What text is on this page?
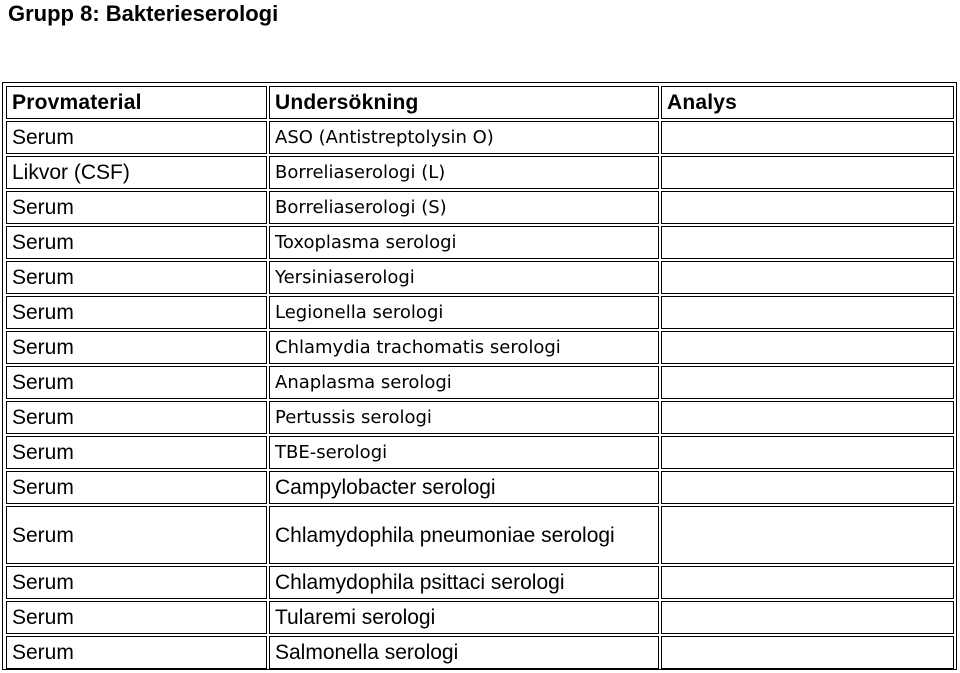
Grupp 8: Bakterieserologi
Provmaterial	Undersökning	Analys
Serum	ASO (Antistreptolysin O)	
Likvor (CSF)	Borreliaserologi (L)	
Serum	Borreliaserologi (S)	
Serum	Toxoplasma serologi	
Serum	Yersiniaserologi	
Serum	Legionella serologi	
Serum	Chlamydia trachomatis serologi	
Serum	Anaplasma serologi	
Serum	Pertussis serologi	
Serum	TBE-serologi	
Serum	Campylobacter serologi	
Serum	Chlamydophila pneumoniae serologi	
Serum	Chlamydophila psittaci serologi	
Serum	Tularemi serologi	
Serum	Salmonella serologi	
